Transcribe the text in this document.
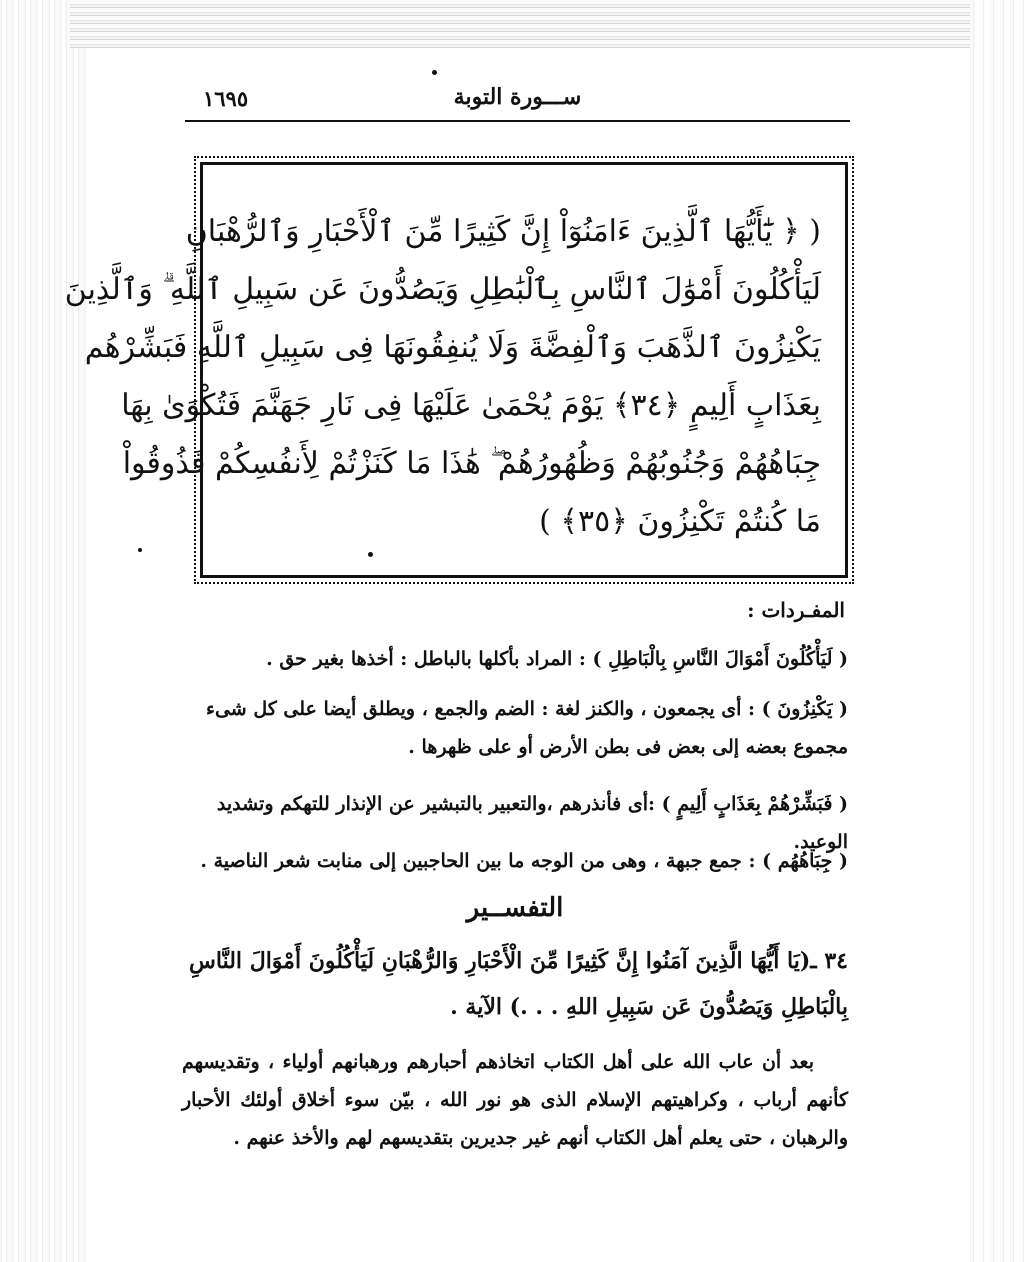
١٦٩٥	ســـورة التوبة
( ﴿ يَٰٓأَيُّهَا ٱلَّذِينَ ءَامَنُوٓاْ إِنَّ كَثِيرًا مِّنَ ٱلْأَحْبَارِ وَٱلرُّهْبَانِ
لَيَأْكُلُونَ أَمْوَٰلَ ٱلنَّاسِ بِٱلْبَٰطِلِ وَيَصُدُّونَ عَن سَبِيلِ ٱللَّهِ ۗ وَٱلَّذِينَ
يَكْنِزُونَ ٱلذَّهَبَ وَٱلْفِضَّةَ وَلَا يُنفِقُونَهَا فِى سَبِيلِ ٱللَّهِ فَبَشِّرْهُم
بِعَذَابٍ أَلِيمٍ ﴿٣٤﴾ يَوْمَ يُحْمَىٰ عَلَيْهَا فِى نَارِ جَهَنَّمَ فَتُكْوَىٰ بِهَا
جِبَاهُهُمْ وَجُنُوبُهُمْ وَظُهُورُهُمْ ۖ هَٰذَا مَا كَنَزْتُمْ لِأَنفُسِكُمْ فَذُوقُواْ
مَا كُنتُمْ تَكْنِزُونَ ﴿٣٥﴾ )
المفـردات :
( لَيَأْكُلُونَ أَمْوَالَ النَّاسِ بِالْبَاطِلِ ) : المراد بأكلها بالباطل : أخذها بغير حق .
( يَكْنِزُونَ ) : أى يجمعون ، والكنز لغة : الضم والجمع ، ويطلق أيضا على كل شىء مجموع بعضه إلى بعض فى بطن الأرض أو على ظهرها .
( فَبَشِّرْهُمْ بِعَذَابٍ أَلِيمٍ ) :أى فأنذرهم ،والتعبير بالتبشير عن الإنذار للتهكم وتشديد الوعيد.
( جِبَاهُهُم ) : جمع جبهة ، وهى من الوجه ما بين الحاجبين إلى منابت شعر الناصية .
التفســير
٣٤ ـ(يَا أَيُّهَا الَّذِينَ آمَنُوا إِنَّ كَثِيرًا مِّنَ الْأَحْبَارِ وَالرُّهْبَانِ لَيَأْكُلُونَ أَمْوَالَ النَّاسِ بِالْبَاطِلِ وَيَصُدُّونَ عَن سَبِيلِ اللهِ . . .) الآية .
بعد أن عاب الله على أهل الكتاب اتخاذهم أحبارهم ورهبانهم أولياء ، وتقديسهم كأنهم أرباب ، وكراهيتهم الإسلام الذى هو نور الله ، بيّن سوء أخلاق أولئك الأحبار والرهبان ، حتى يعلم أهل الكتاب أنهم غير جديرين بتقديسهم لهم والأخذ عنهم .
